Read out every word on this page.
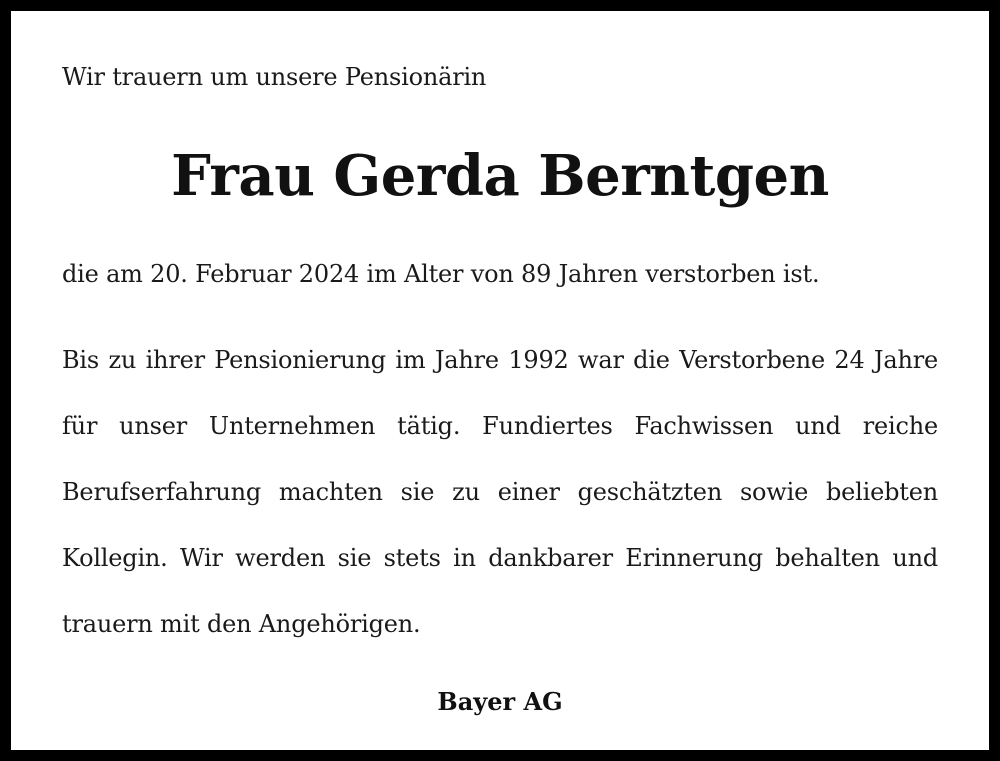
Wir trauern um unsere Pensionärin
Frau Gerda Berntgen
die am 20. Februar 2024 im Alter von 89 Jahren verstorben ist.
Bis zu ihrer Pensionierung im Jahre 1992 war die Verstorbene 24 Jahre für unser Unternehmen tätig. Fundiertes Fachwissen und reiche Berufserfahrung machten sie zu einer geschätzten sowie beliebten Kollegin. Wir werden sie stets in dankbarer Erinnerung behalten und trauern mit den Angehörigen.
Bayer AG
